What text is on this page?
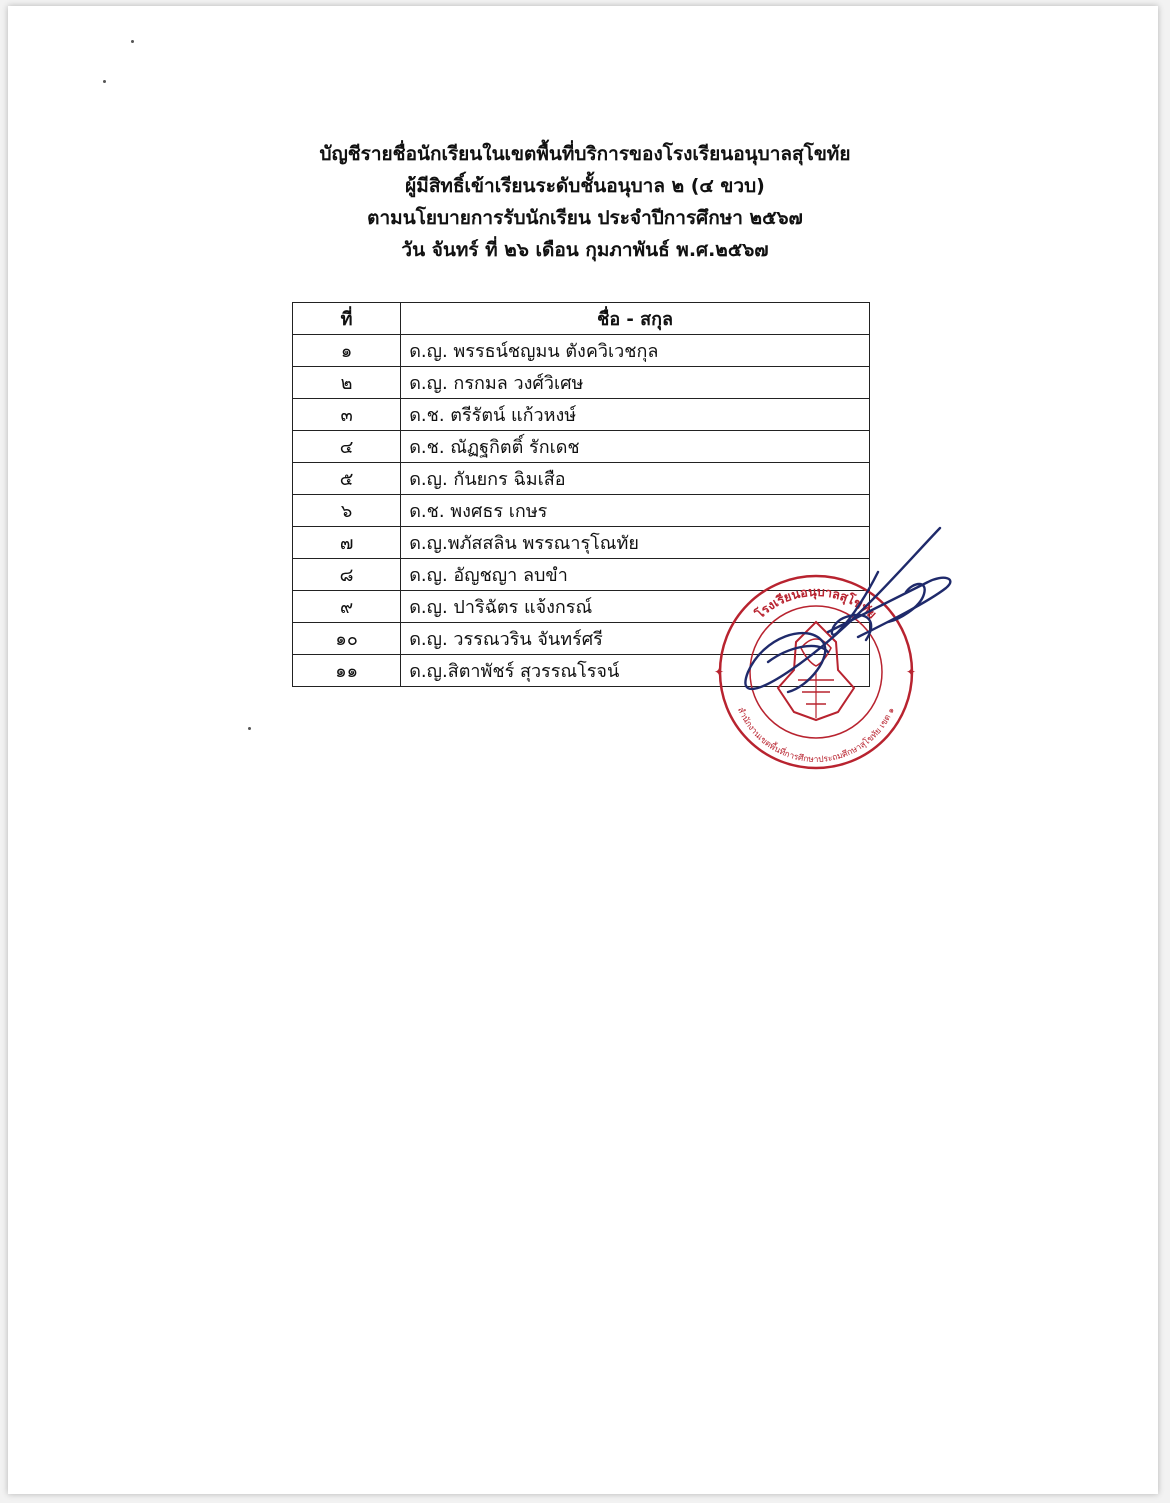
บัญชีรายชื่อนักเรียนในเขตพื้นที่บริการของโรงเรียนอนุบาลสุโขทัย
ผู้มีสิทธิ์เข้าเรียนระดับชั้นอนุบาล ๒ (๔ ขวบ)
ตามนโยบายการรับนักเรียน ประจำปีการศึกษา ๒๕๖๗
วัน จันทร์ ที่ ๒๖ เดือน กุมภาพันธ์ พ.ศ.๒๕๖๗
ที่	ชื่อ - สกุล
๑	ด.ญ. พรรธน์ชญมน ตังควิเวชกุล
๒	ด.ญ. กรกมล วงศ์วิเศษ
๓	ด.ช. ตรีรัตน์ แก้วหงษ์
๔	ด.ช. ณัฏฐกิตติ์ รักเดช
๕	ด.ญ. กันยกร ฉิมเสือ
๖	ด.ช. พงศธร เกษร
๗	ด.ญ.พภัสสลิน พรรณารุโณทัย
๘	ด.ญ. อัญชญา ลบขำ
๙	ด.ญ. ปาริฉัตร แจ้งกรณ์
๑๐	ด.ญ. วรรณวริน จันทร์ศรี
๑๑	ด.ญ.สิตาพัชร์ สุวรรณโรจน์	✦	✦
โรงเรียนอนุบาลสุโขทัย
สำนักงานเขตพื้นที่การศึกษาประถมศึกษาสุโขทัย เขต ๑
